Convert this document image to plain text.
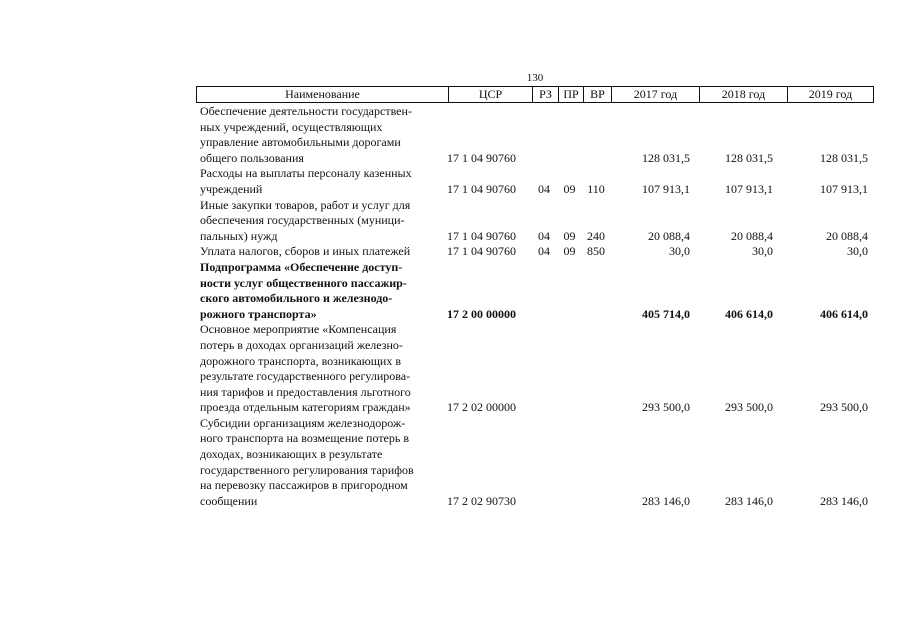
130
Наименование	ЦСР	РЗ ПР ВР	2017 год	2018 год	2019 год
Обеспечение деятельности государствен-
ных учреждений, осуществляющих
управление автомобильными дорогами
общего пользования	17 1 04 90760	128 031,5	128 031,5	128 031,5
Расходы на выплаты персоналу казенных
учреждений	17 1 04 90760	04	09 110	107 913,1	107 913,1	107 913,1
Иные закупки товаров, работ и услуг для
обеспечения государственных (муници-
пальных) нужд	17 1 04 90760	04	09 240	20 088,4	20 088,4	20 088,4
Уплата налогов, сборов и иных платежей	17 1 04 90760	04	09 850	30,0	30,0	30,0
Подпрограмма «Обеспечение доступ-
ности услуг общественного пассажир-
ского автомобильного и железнодо-
рожного транспорта»	17 2 00 00000	405 714,0	406 614,0	406 614,0
Основное мероприятие «Компенсация
потерь в доходах организаций железно-
дорожного транспорта, возникающих в
результате государственного регулирова-
ния тарифов и предоставления льготного
проезда отдельным категориям граждан»	17 2 02 00000	293 500,0	293 500,0	293 500,0
Субсидии организациям железнодорож-
ного транспорта на возмещение потерь в
доходах, возникающих в результате
государственного регулирования тарифов
на перевозку пассажиров в пригородном
сообщении	17 2 02 90730	283 146,0	283 146,0	283 146,0
